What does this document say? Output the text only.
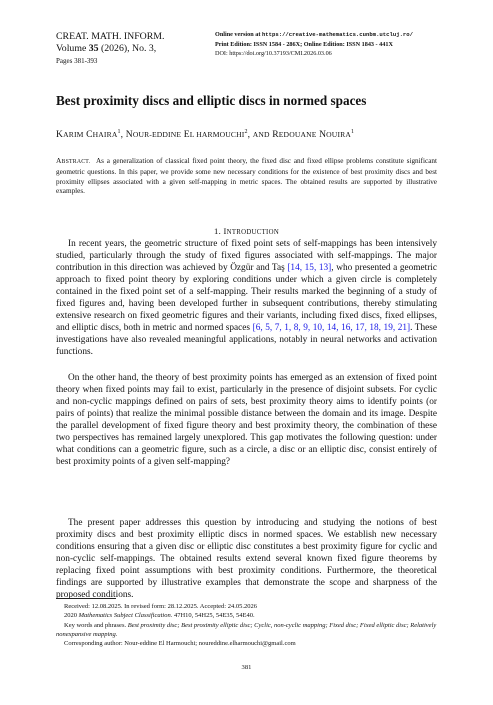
CREAT. MATH. INFORM.
Volume 35 (2026), No. 3,
Pages 381-393
Online version at https://creative-mathematics.cunbm.utcluj.ro/
Print Edition: ISSN 1584 - 286X; Online Edition: ISSN 1843 - 441X
DOI: https://doi.org/10.37193/CMI.2026.03.06
Best proximity discs and elliptic discs in normed spaces
KARIM CHAIRA$^1$, NOUR-EDDINE EL HARMOUCHI$^2$, AND REDOUANE NOUIRA$^1$
ABSTRACT. As a generalization of classical fixed point theory, the fixed disc and fixed ellipse problems constitute significant geometric questions. In this paper, we provide some new necessary conditions for the existence of best proximity discs and best proximity ellipses associated with a given self-mapping in metric spaces. The obtained results are supported by illustrative examples.
1. INTRODUCTION
In recent years, the geometric structure of fixed point sets of self-mappings has been intensively studied, particularly through the study of fixed figures associated with self-mappings. The major contribution in this direction was achieved by Özgür and Taş [14, 15, 13], who presented a geometric approach to fixed point theory by exploring conditions under which a given circle is completely contained in the fixed point set of a self-mapping. Their results marked the beginning of a study of fixed figures and, having been developed further in subsequent contributions, thereby stimulating extensive research on fixed geometric figures and their variants, including fixed discs, fixed ellipses, and elliptic discs, both in metric and normed spaces [6, 5, 7, 1, 8, 9, 10, 14, 16, 17, 18, 19, 21]. These investigations have also revealed meaningful applications, notably in neural networks and activation functions.
On the other hand, the theory of best proximity points has emerged as an extension of fixed point theory when fixed points may fail to exist, particularly in the presence of disjoint subsets. For cyclic and non-cyclic mappings defined on pairs of sets, best proximity theory aims to identify points (or pairs of points) that realize the minimal possible distance between the domain and its image. Despite the parallel development of fixed figure theory and best proximity theory, the combination of these two perspectives has remained largely unexplored. This gap motivates the following question: under what conditions can a geometric figure, such as a circle, a disc or an elliptic disc, consist entirely of best proximity points of a given self-mapping?
The present paper addresses this question by introducing and studying the notions of best proximity discs and best proximity elliptic discs in normed spaces. We establish new necessary conditions ensuring that a given disc or elliptic disc constitutes a best proximity figure for cyclic and non-cyclic self-mappings. The obtained results extend several known fixed figure theorems by replacing fixed point assumptions with best proximity conditions. Furthermore, the theoretical findings are supported by illustrative examples that demonstrate the scope and sharpness of the proposed conditions.
Received: 12.08.2025. In revised form: 28.12.2025. Accepted: 24.05.2026
2020 Mathematics Subject Classification. 47H10, 54H25, 54E35, 54E40.
Key words and phrases. Best proximity disc; Best proximity elliptic disc; Cyclic, non-cyclic mapping; Fixed disc; Fixed elliptic disc; Relatively nonexpansive mapping.
Corresponding author: Nour-eddine El Harmouchi; noureddine.elharmouchi@gmail.com
381
